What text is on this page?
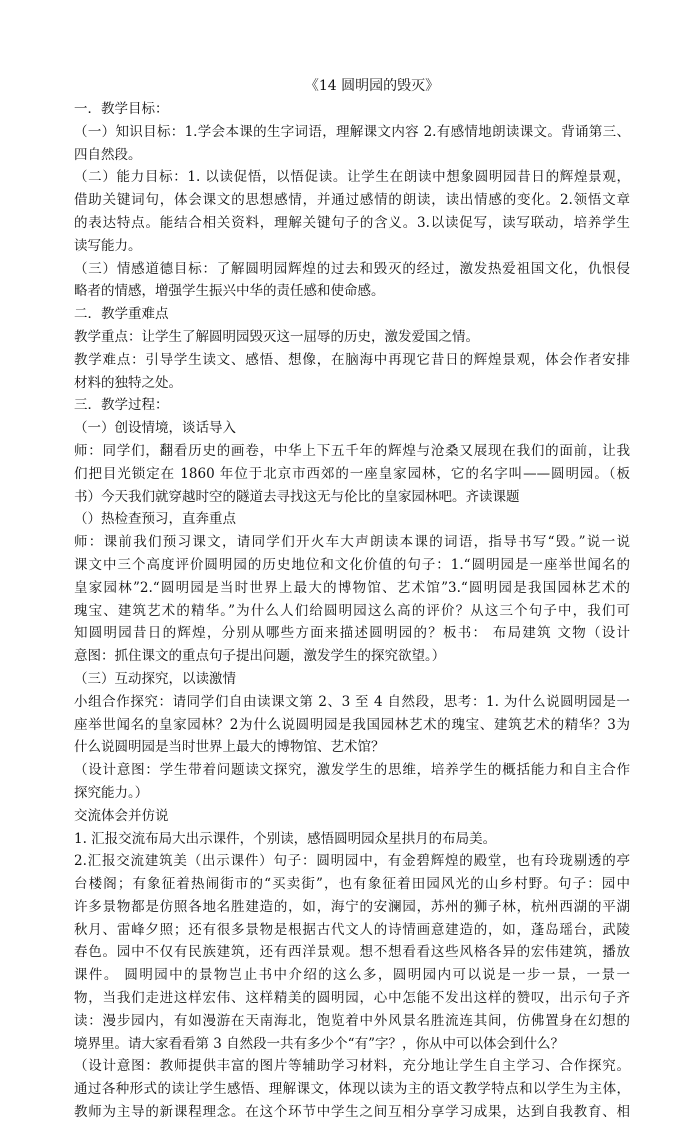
《14 圆明园的毁灭》

一．教学目标：

（一）知识目标：1.学会本课的生字词语，理解课文内容 2.有感情地朗读课文。背诵第三、

四自然段。

（二）能力目标：1. 以读促悟，以悟促读。让学生在朗读中想象圆明园昔日的辉煌景观，

借助关键词句，体会课文的思想感情，并通过感情的朗读，读出情感的变化。2.领悟文章

的表达特点。能结合相关资料，理解关键句子的含义。3.以读促写，读写联动，培养学生

读写能力。

（三）情感道德目标：了解圆明园辉煌的过去和毁灭的经过，激发热爱祖国文化，仇恨侵

略者的情感，增强学生振兴中华的责任感和使命感。

二．教学重难点

教学重点：让学生了解圆明园毁灭这一屈辱的历史，激发爱国之情。

教学难点：引导学生读文、感悟、想像，在脑海中再现它昔日的辉煌景观，体会作者安排

材料的独特之处。

三．教学过程：

（一）创设情境，谈话导入

师：同学们，翻看历史的画卷，中华上下五千年的辉煌与沧桑又展现在我们的面前，让我

们把目光锁定在 1860 年位于北京市西郊的一座皇家园林，它的名字叫——圆明园。（板

书）今天我们就穿越时空的隧道去寻找这无与伦比的皇家园林吧。齐读课题

（）热检查预习，直奔重点

师：课前我们预习课文，请同学们开火车大声朗读本课的词语，指导书写“毁。”说一说

课文中三个高度评价圆明园的历史地位和文化价值的句子：1.“圆明园是一座举世闻名的

皇家园林”2.“圆明园是当时世界上最大的博物馆、艺术馆”3.“圆明园是我国园林艺术的

瑰宝、建筑艺术的精华。”为什么人们给圆明园这么高的评价？从这三个句子中，我们可

知圆明园昔日的辉煌，分别从哪些方面来描述圆明园的？板书： 布局建筑 文物（设计

意图：抓住课文的重点句子提出问题，激发学生的探究欲望。）

（三）互动探究，以读激情

小组合作探究：请同学们自由读课文第 2、3 至 4 自然段，思考：1. 为什么说圆明园是一

座举世闻名的皇家园林？2为什么说圆明园是我国园林艺术的瑰宝、建筑艺术的精华？3为

什么说圆明园是当时世界上最大的博物馆、艺术馆？

（设计意图：学生带着问题读文探究，激发学生的思维，培养学生的概括能力和自主合作

探究能力。）

交流体会并仿说

1. 汇报交流布局大出示课件，个别读，感悟圆明园众星拱月的布局美。

2.汇报交流建筑美（出示课件）句子：圆明园中，有金碧辉煌的殿堂，也有玲珑剔透的亭

台楼阁；有象征着热闹街市的“买卖街”，也有象征着田园风光的山乡村野。句子：园中

许多景物都是仿照各地名胜建造的，如，海宁的安澜园，苏州的狮子林，杭州西湖的平湖

秋月、雷峰夕照；还有很多景物是根据古代文人的诗情画意建造的，如，蓬岛瑶台，武陵

春色。园中不仅有民族建筑，还有西洋景观。想不想看看这些风格各异的宏伟建筑，播放

课件。 圆明园中的景物岂止书中介绍的这么多，圆明园内可以说是一步一景，一景一

物，当我们走进这样宏伟、这样精美的圆明园，心中怎能不发出这样的赞叹，出示句子齐

读：漫步园内，有如漫游在天南海北，饱览着中外风景名胜流连其间，仿佛置身在幻想的

境界里。请大家看看第 3 自然段一共有多少个“有”字？，你从中可以体会到什么？

（设计意图：教师提供丰富的图片等辅助学习材料，充分地让学生自主学习、合作探究。

通过各种形式的读让学生感悟、理解课文，体现以读为主的语文教学特点和以学生为主体，

教师为主导的新课程理念。在这个环节中学生之间互相分享学习成果，达到自我教育、相
